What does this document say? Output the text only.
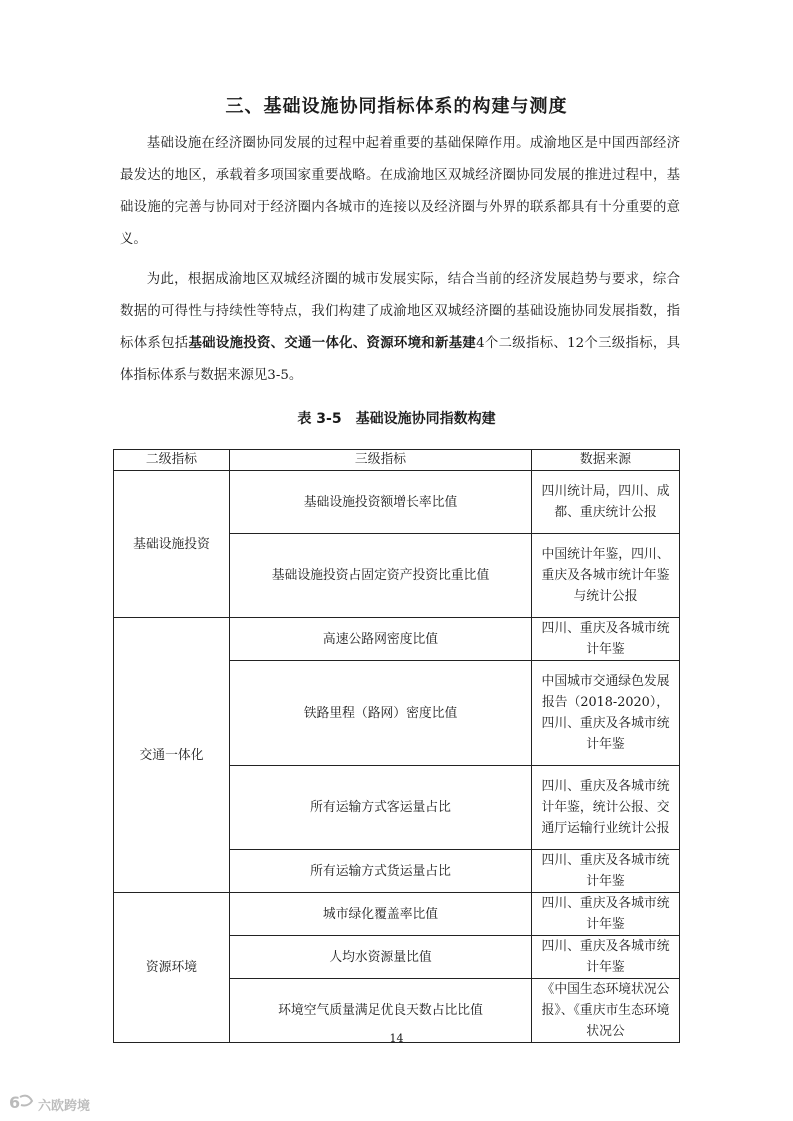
三、基础设施协同指标体系的构建与测度

基础设施在经济圈协同发展的过程中起着重要的基础保障作用。成渝地区是中国西部经济最发达的地区，承载着多项国家重要战略。在成渝地区双城经济圈协同发展的推进过程中，基础设施的完善与协同对于经济圈内各城市的连接以及经济圈与外界的联系都具有十分重要的意义。

为此，根据成渝地区双城经济圈的城市发展实际，结合当前的经济发展趋势与要求，综合数据的可得性与持续性等特点，我们构建了成渝地区双城经济圈的基础设施协同发展指数，指标体系包括基础设施投资、交通一体化、资源环境和新基建4个二级指标、12个三级指标，具体指标体系与数据来源见3-5。

表 3-5　基础设施协同指数构建
二级指标	三级指标	数据来源
基础设施投资	基础设施投资额增长率比值	四川统计局，四川、成都、重庆统计公报
	基础设施投资占固定资产投资比重比值	中国统计年鉴，四川、重庆及各城市统计年鉴与统计公报
交通一体化	高速公路网密度比值	四川、重庆及各城市统计年鉴
	铁路里程（路网）密度比值	中国城市交通绿色发展报告（2018-2020），四川、重庆及各城市统计年鉴
	所有运输方式客运量占比	四川、重庆及各城市统计年鉴，统计公报、交通厅运输行业统计公报
	所有运输方式货运量占比	四川、重庆及各城市统计年鉴
资源环境	城市绿化覆盖率比值	四川、重庆及各城市统计年鉴
	人均水资源量比值	四川、重庆及各城市统计年鉴
	环境空气质量满足优良天数占比比值	《中国生态环境状况公报》、《重庆市生态环境状况公
14
6 六欧跨境
